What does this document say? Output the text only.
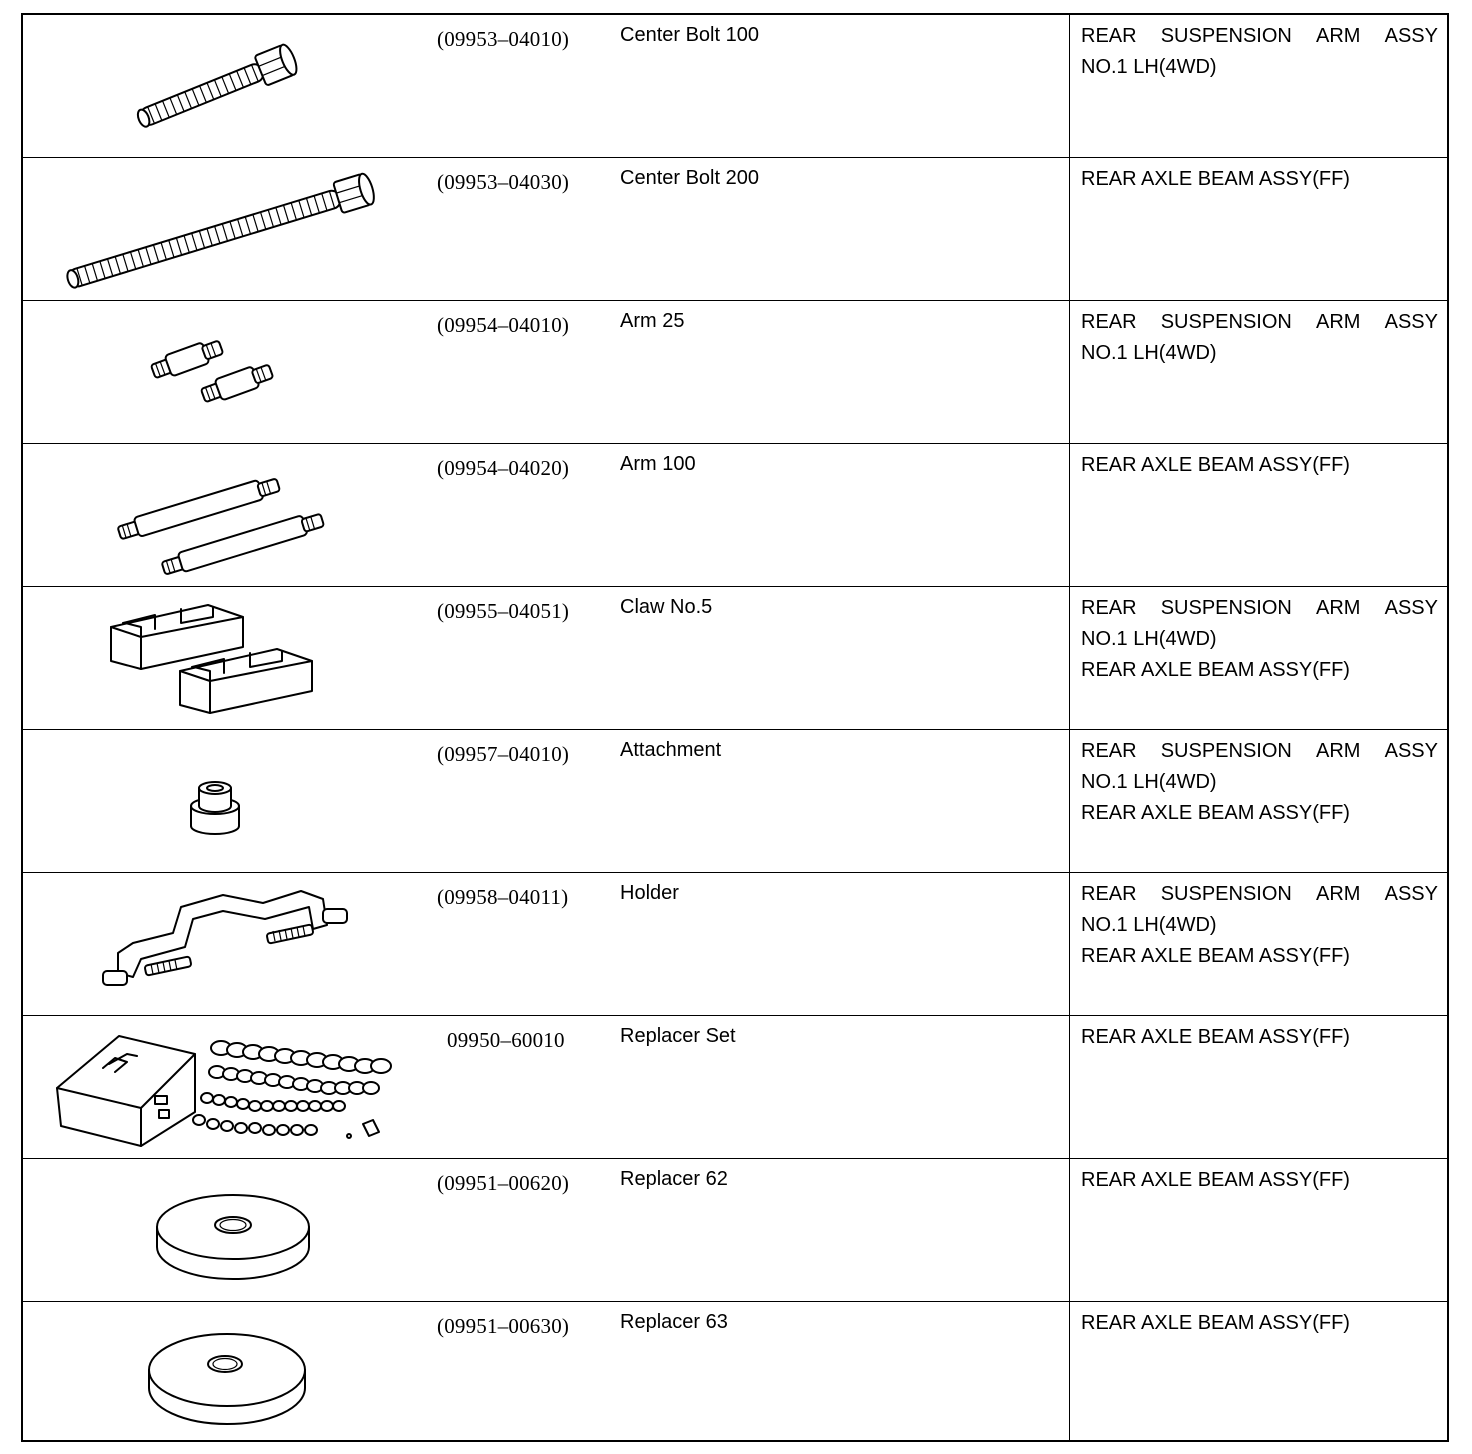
(09953–04010)	Center Bolt 100	REAR SUSPENSION ARM ASSY
NO.1 LH(4WD)
(09953–04030)	Center Bolt 200	REAR AXLE BEAM ASSY(FF)
(09954–04010)	Arm 25	REAR SUSPENSION ARM ASSY
NO.1 LH(4WD)
(09954–04020)	Arm 100	REAR AXLE BEAM ASSY(FF)
(09955–04051)	Claw No.5	REAR SUSPENSION ARM ASSY
NO.1 LH(4WD)
REAR AXLE BEAM ASSY(FF)
(09957–04010)	Attachment	REAR SUSPENSION ARM ASSY
NO.1 LH(4WD)
REAR AXLE BEAM ASSY(FF)
(09958–04011)	Holder	REAR SUSPENSION ARM ASSY
NO.1 LH(4WD)
REAR AXLE BEAM ASSY(FF)
09950–60010	Replacer Set	REAR AXLE BEAM ASSY(FF)
(09951–00620)	Replacer 62	REAR AXLE BEAM ASSY(FF)
(09951–00630)	Replacer 63	REAR AXLE BEAM ASSY(FF)
